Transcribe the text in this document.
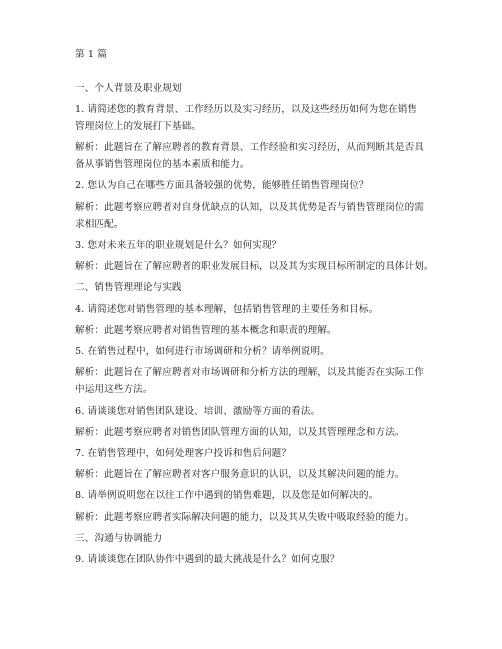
第 1 篇
一、个人背景及职业规划
1. 请简述您的教育背景、工作经历以及实习经历，以及这些经历如何为您在销售
管理岗位上的发展打下基础。
解析：此题旨在了解应聘者的教育背景、工作经验和实习经历，从而判断其是否具
备从事销售管理岗位的基本素质和能力。
2. 您认为自己在哪些方面具备较强的优势，能够胜任销售管理岗位？
解析：此题考察应聘者对自身优缺点的认知，以及其优势是否与销售管理岗位的需
求相匹配。
3. 您对未来五年的职业规划是什么？如何实现？
解析：此题旨在了解应聘者的职业发展目标，以及其为实现目标所制定的具体计划。
二、销售管理理论与实践
4. 请简述您对销售管理的基本理解，包括销售管理的主要任务和目标。
解析：此题考察应聘者对销售管理的基本概念和职责的理解。
5. 在销售过程中，如何进行市场调研和分析？请举例说明。
解析：此题旨在了解应聘者对市场调研和分析方法的理解，以及其能否在实际工作
中运用这些方法。
6. 请谈谈您对销售团队建设、培训、激励等方面的看法。
解析：此题考察应聘者对销售团队管理方面的认知，以及其管理理念和方法。
7. 在销售管理中，如何处理客户投诉和售后问题？
解析：此题旨在了解应聘者对客户服务意识的认识，以及其解决问题的能力。
8. 请举例说明您在以往工作中遇到的销售难题，以及您是如何解决的。
解析：此题考察应聘者实际解决问题的能力，以及其从失败中吸取经验的能力。
三、沟通与协调能力
9. 请谈谈您在团队协作中遇到的最大挑战是什么？如何克服？
